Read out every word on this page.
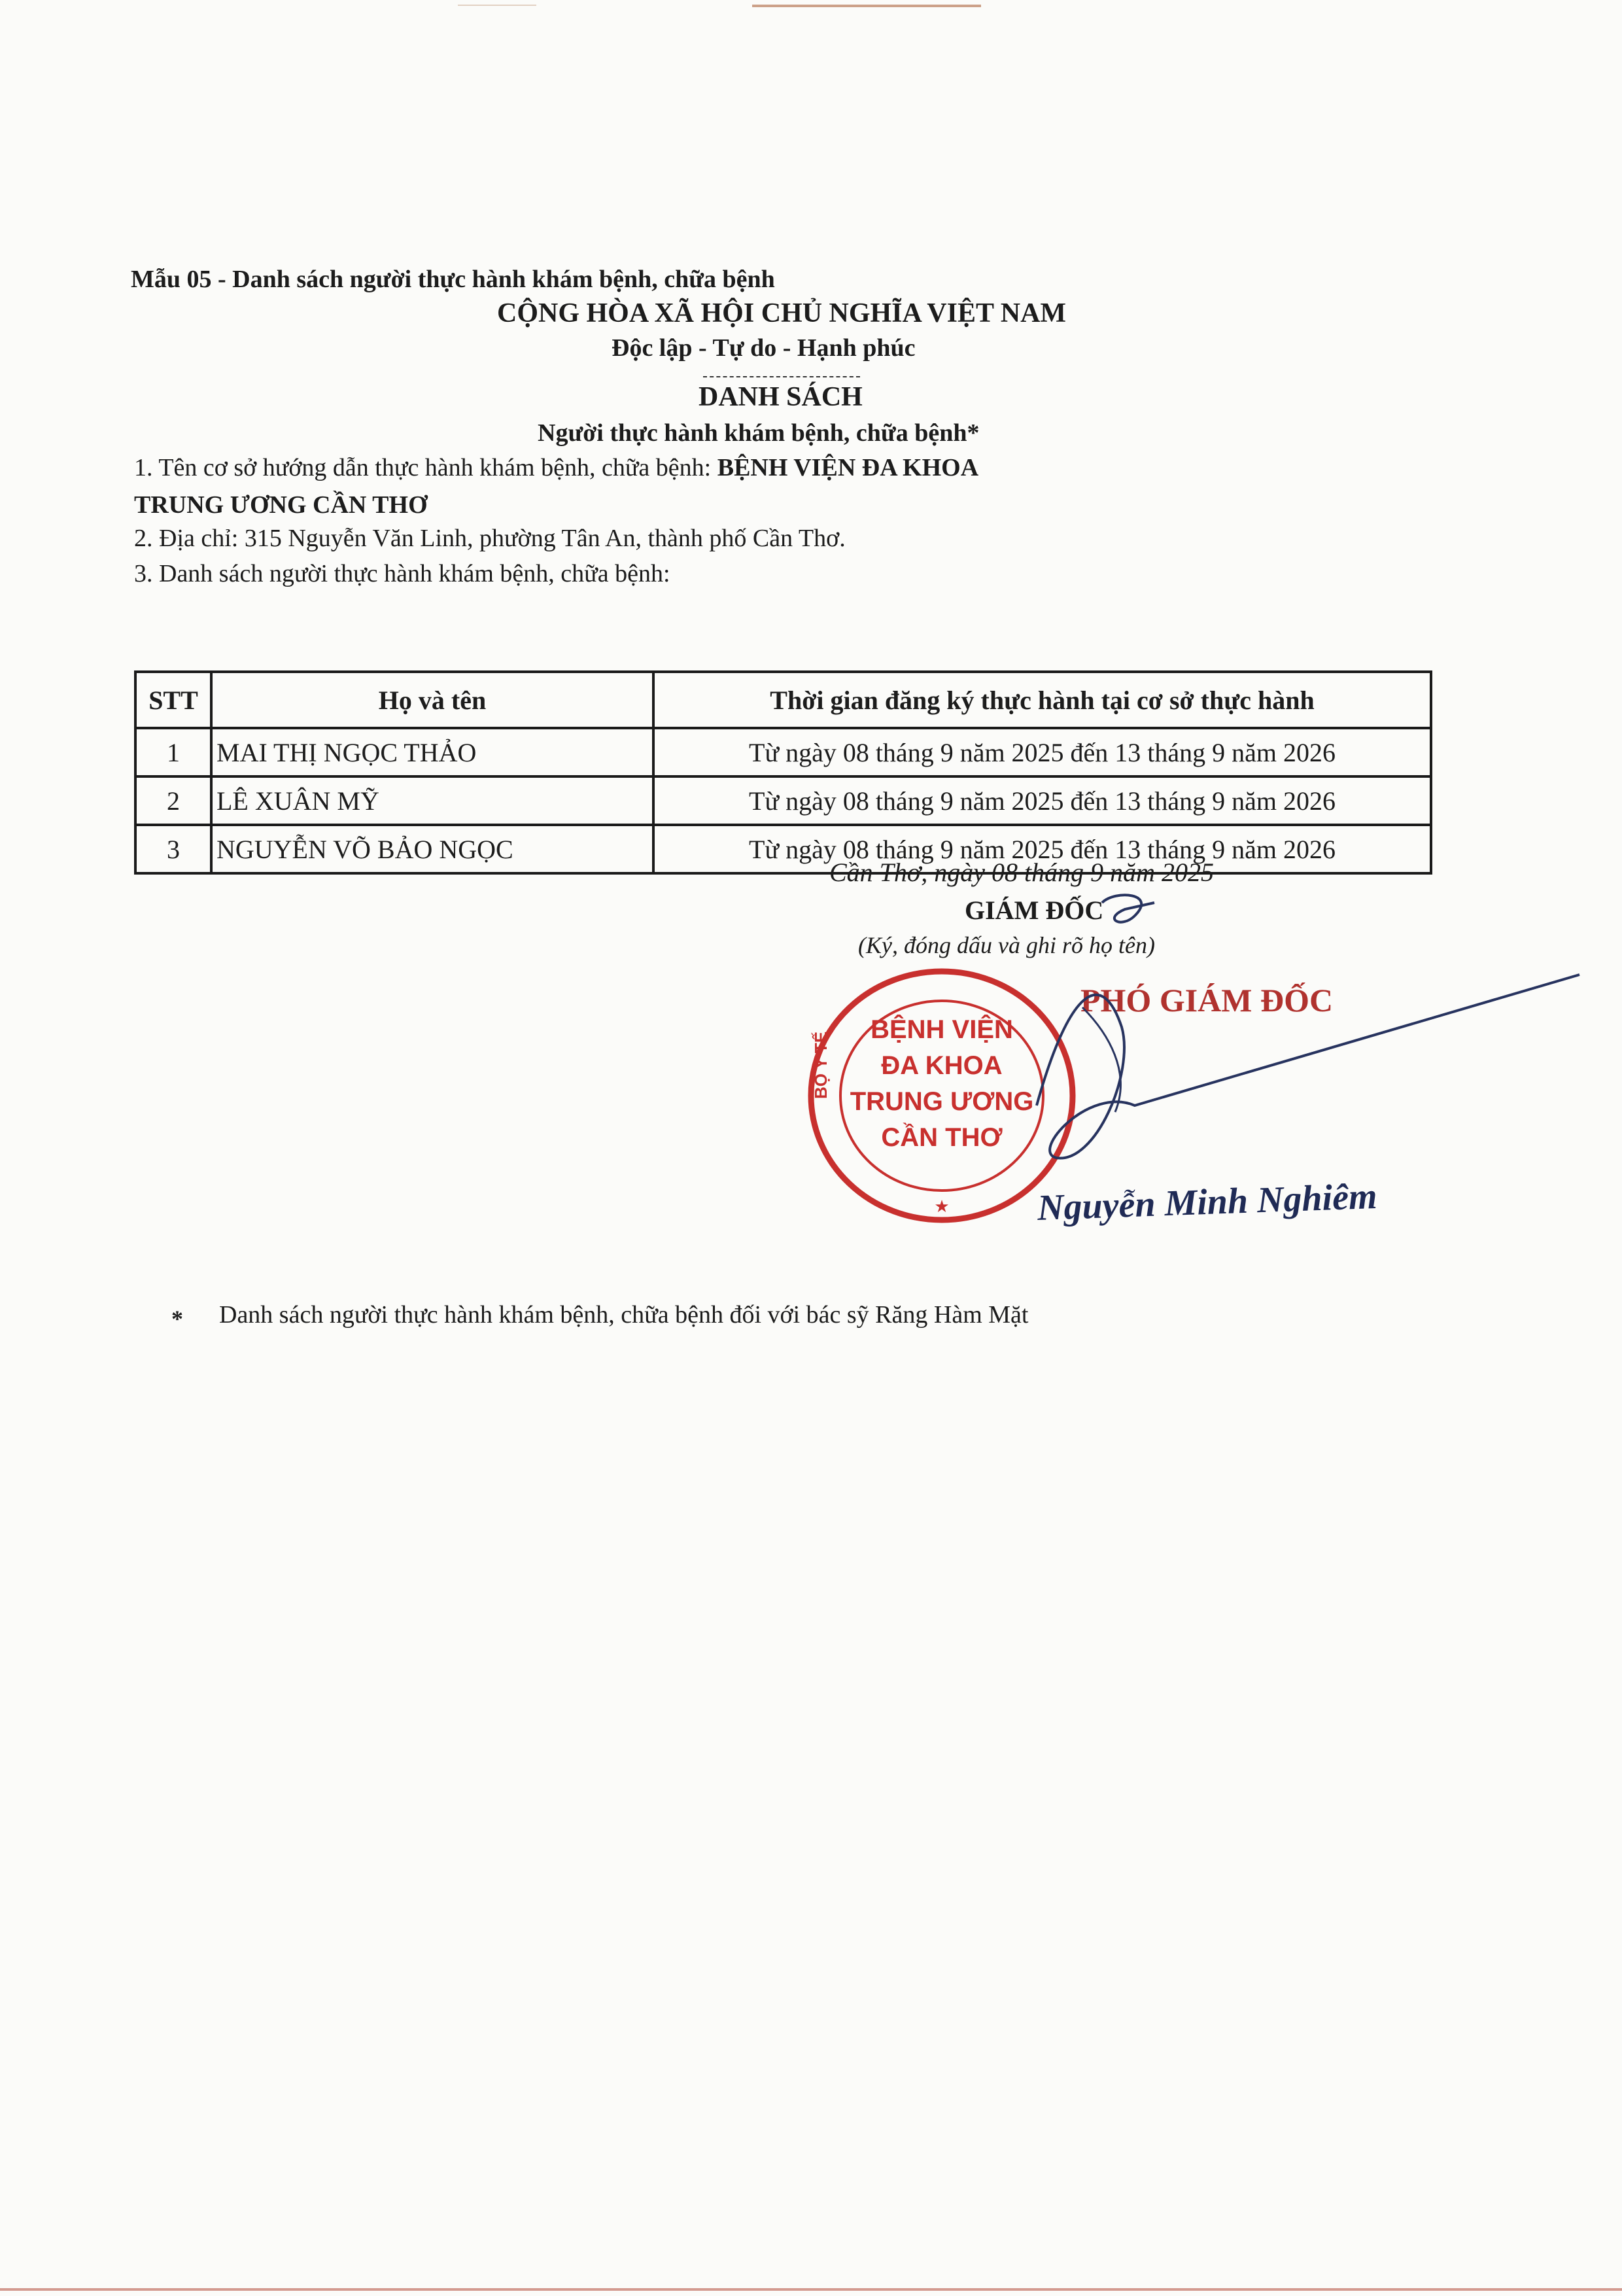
Mẫu 05 - Danh sách người thực hành khám bệnh, chữa bệnh
CỘNG HÒA XÃ HỘI CHỦ NGHĨA VIỆT NAM
Độc lập - Tự do - Hạnh phúc
DANH SÁCH
Người thực hành khám bệnh, chữa bệnh*
1. Tên cơ sở hướng dẫn thực hành khám bệnh, chữa bệnh: BỆNH VIỆN ĐA KHOA
TRUNG ƯƠNG CẦN THƠ
2. Địa chỉ: 315 Nguyễn Văn Linh, phường Tân An, thành phố Cần Thơ.
3. Danh sách người thực hành khám bệnh, chữa bệnh:
STT	Họ và tên	Thời gian đăng ký thực hành tại cơ sở thực hành
1	MAI THỊ NGỌC THẢO	Từ ngày 08 tháng 9 năm 2025 đến 13 tháng 9 năm 2026
2	LÊ XUÂN MỸ	Từ ngày 08 tháng 9 năm 2025 đến 13 tháng 9 năm 2026
3	NGUYỄN VÕ BẢO NGỌC	Từ ngày 08 tháng 9 năm 2025 đến 13 tháng 9 năm 2026
Cần Thơ, ngày 08 tháng 9 năm 2025
GIÁM ĐỐC
(Ký, đóng dấu và ghi rõ họ tên)
BỆNH VIỆN
ĐA KHOA
TRUNG ƯƠNG
CẦN THƠ
BỘ Y TẾ
★
PHÓ GIÁM ĐỐC
Nguyễn Minh Nghiêm
* Danh sách người thực hành khám bệnh, chữa bệnh đối với bác sỹ Răng Hàm Mặt
